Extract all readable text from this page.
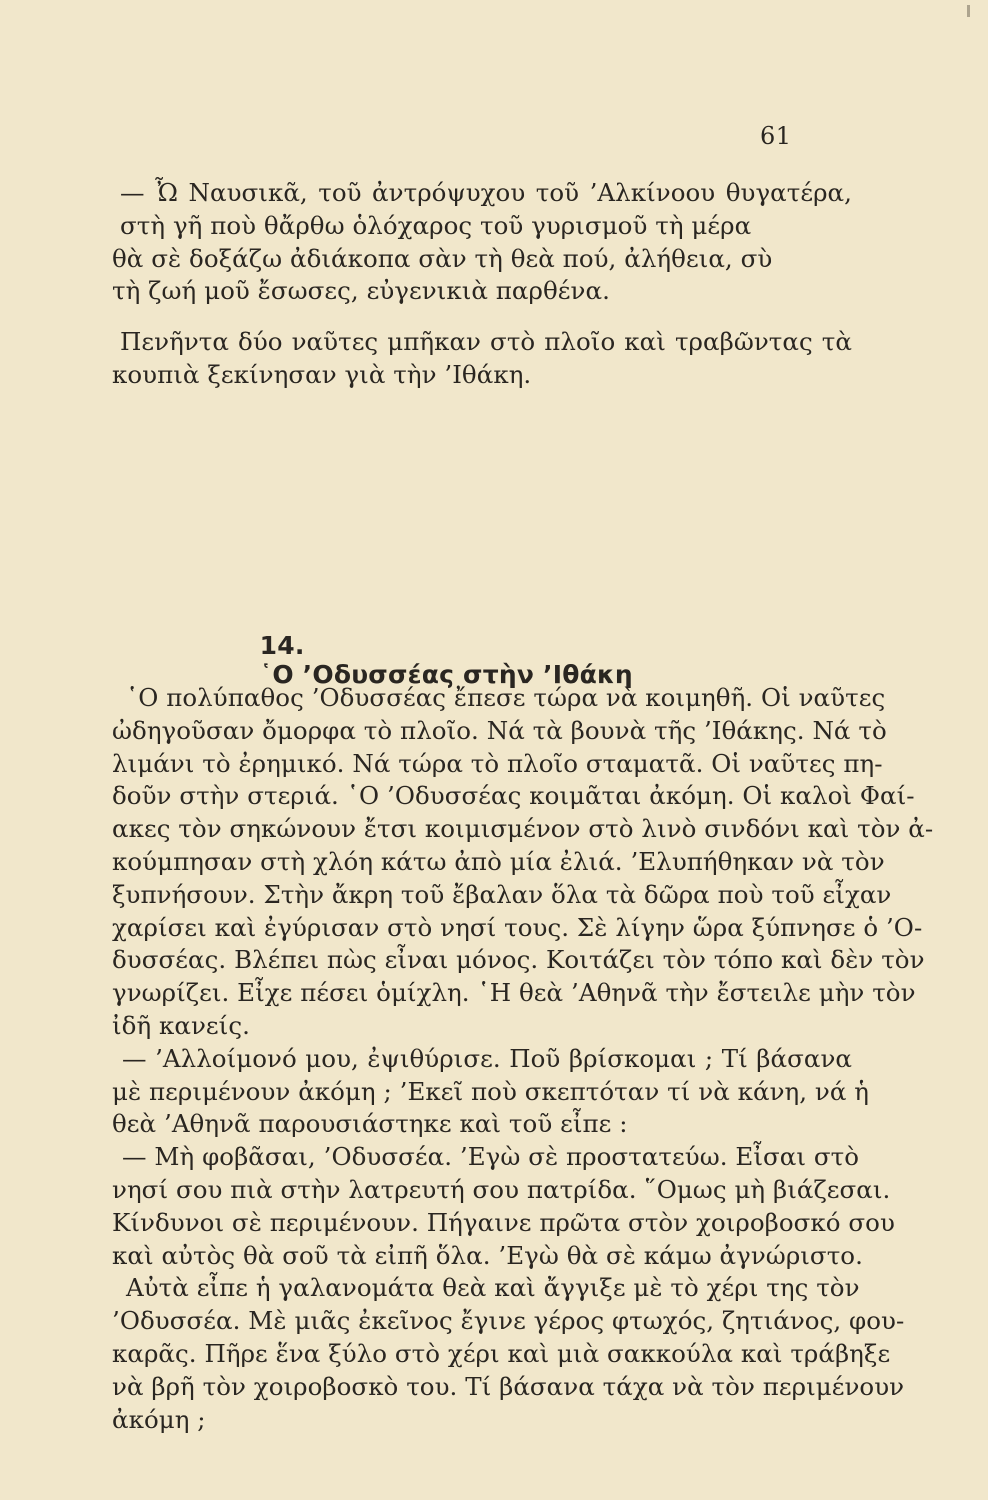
61
— Ὦ Ναυσικᾶ, τοῦ ἀντρόψυχου τοῦ ’Αλκίνοου θυγατέρα,
στὴ γῆ ποὺ θἄρθω ὁλόχαρος τοῦ γυρισμοῦ τὴ μέρα
θὰ σὲ δοξάζω ἀδιάκοπα σὰν τὴ θεὰ πού, ἀλήθεια, σὺ
τὴ ζωή μοῦ ἔσωσες, εὐγενικιὰ παρθένα.
Πενῆντα δύο ναῦτες μπῆκαν στὸ πλοῖο καὶ τραβῶντας τὰ
κουπιὰ ξεκίνησαν γιὰ τὴν ’Ιθάκη.

14.
῾Ο ’Οδυσσέας στὴν ’Ιθάκη

῾Ο πολύπαθος ’Οδυσσέας ἔπεσε τώρα νὰ κοιμηθῆ. Οἱ ναῦτες
ὠδηγοῦσαν ὄμορφα τὸ πλοῖο. Νά τὰ βουνὰ τῆς ’Ιθάκης. Νά τὸ
λιμάνι τὸ ἐρημικό. Νά τώρα τὸ πλοῖο σταματᾶ. Οἱ ναῦτες πη-
δοῦν στὴν στεριά. ῾Ο ’Οδυσσέας κοιμᾶται ἀκόμη. Οἱ καλοὶ Φαί-
ακες τὸν σηκώνουν ἔτσι κοιμισμένον στὸ λινὸ σινδόνι καὶ τὸν ἀ-
κούμπησαν στὴ χλόη κάτω ἀπὸ μία ἐλιά. ’Ελυπήθηκαν νὰ τὸν
ξυπνήσουν. Στὴν ἄκρη τοῦ ἔβαλαν ὅλα τὰ δῶρα ποὺ τοῦ εἶχαν
χαρίσει καὶ ἐγύρισαν στὸ νησί τους. Σὲ λίγην ὥρα ξύπνησε ὁ ’Ο-
δυσσέας. Βλέπει πὼς εἶναι μόνος. Κοιτάζει τὸν τόπο καὶ δὲν τὸν
γνωρίζει. Εἶχε πέσει ὁμίχλη. ῾Η θεὰ ’Αθηνᾶ τὴν ἔστειλε μὴν τὸν
ἰδῆ κανείς.
— ’Αλλοίμονό μου, ἐψιθύρισε. Ποῦ βρίσκομαι ; Τί βάσανα
μὲ περιμένουν ἀκόμη ; ’Εκεῖ ποὺ σκεπτόταν τί νὰ κάνη, νά ἡ
θεὰ ’Αθηνᾶ παρουσιάστηκε καὶ τοῦ εἶπε :
— Μὴ φοβᾶσαι, ’Οδυσσέα. ’Εγὼ σὲ προστατεύω. Εἶσαι στὸ
νησί σου πιὰ στὴν λατρευτή σου πατρίδα. ῞Ομως μὴ βιάζεσαι.
Κίνδυνοι σὲ περιμένουν. Πήγαινε πρῶτα στὸν χοιροβοσκό σου
καὶ αὐτὸς θὰ σοῦ τὰ εἰπῆ ὅλα. ’Εγὼ θὰ σὲ κάμω ἀγνώριστο.
Αὐτὰ εἶπε ἡ γαλανομάτα θεὰ καὶ ἄγγιξε μὲ τὸ χέρι της τὸν
’Οδυσσέα. Μὲ μιᾶς ἐκεῖνος ἔγινε γέρος φτωχός, ζητιάνος, φου-
καρᾶς. Πῆρε ἕνα ξύλο στὸ χέρι καὶ μιὰ σακκούλα καὶ τράβηξε
νὰ βρῆ τὸν χοιροβοσκὸ του. Τί βάσανα τάχα νὰ τὸν περιμένουν
ἀκόμη ;
